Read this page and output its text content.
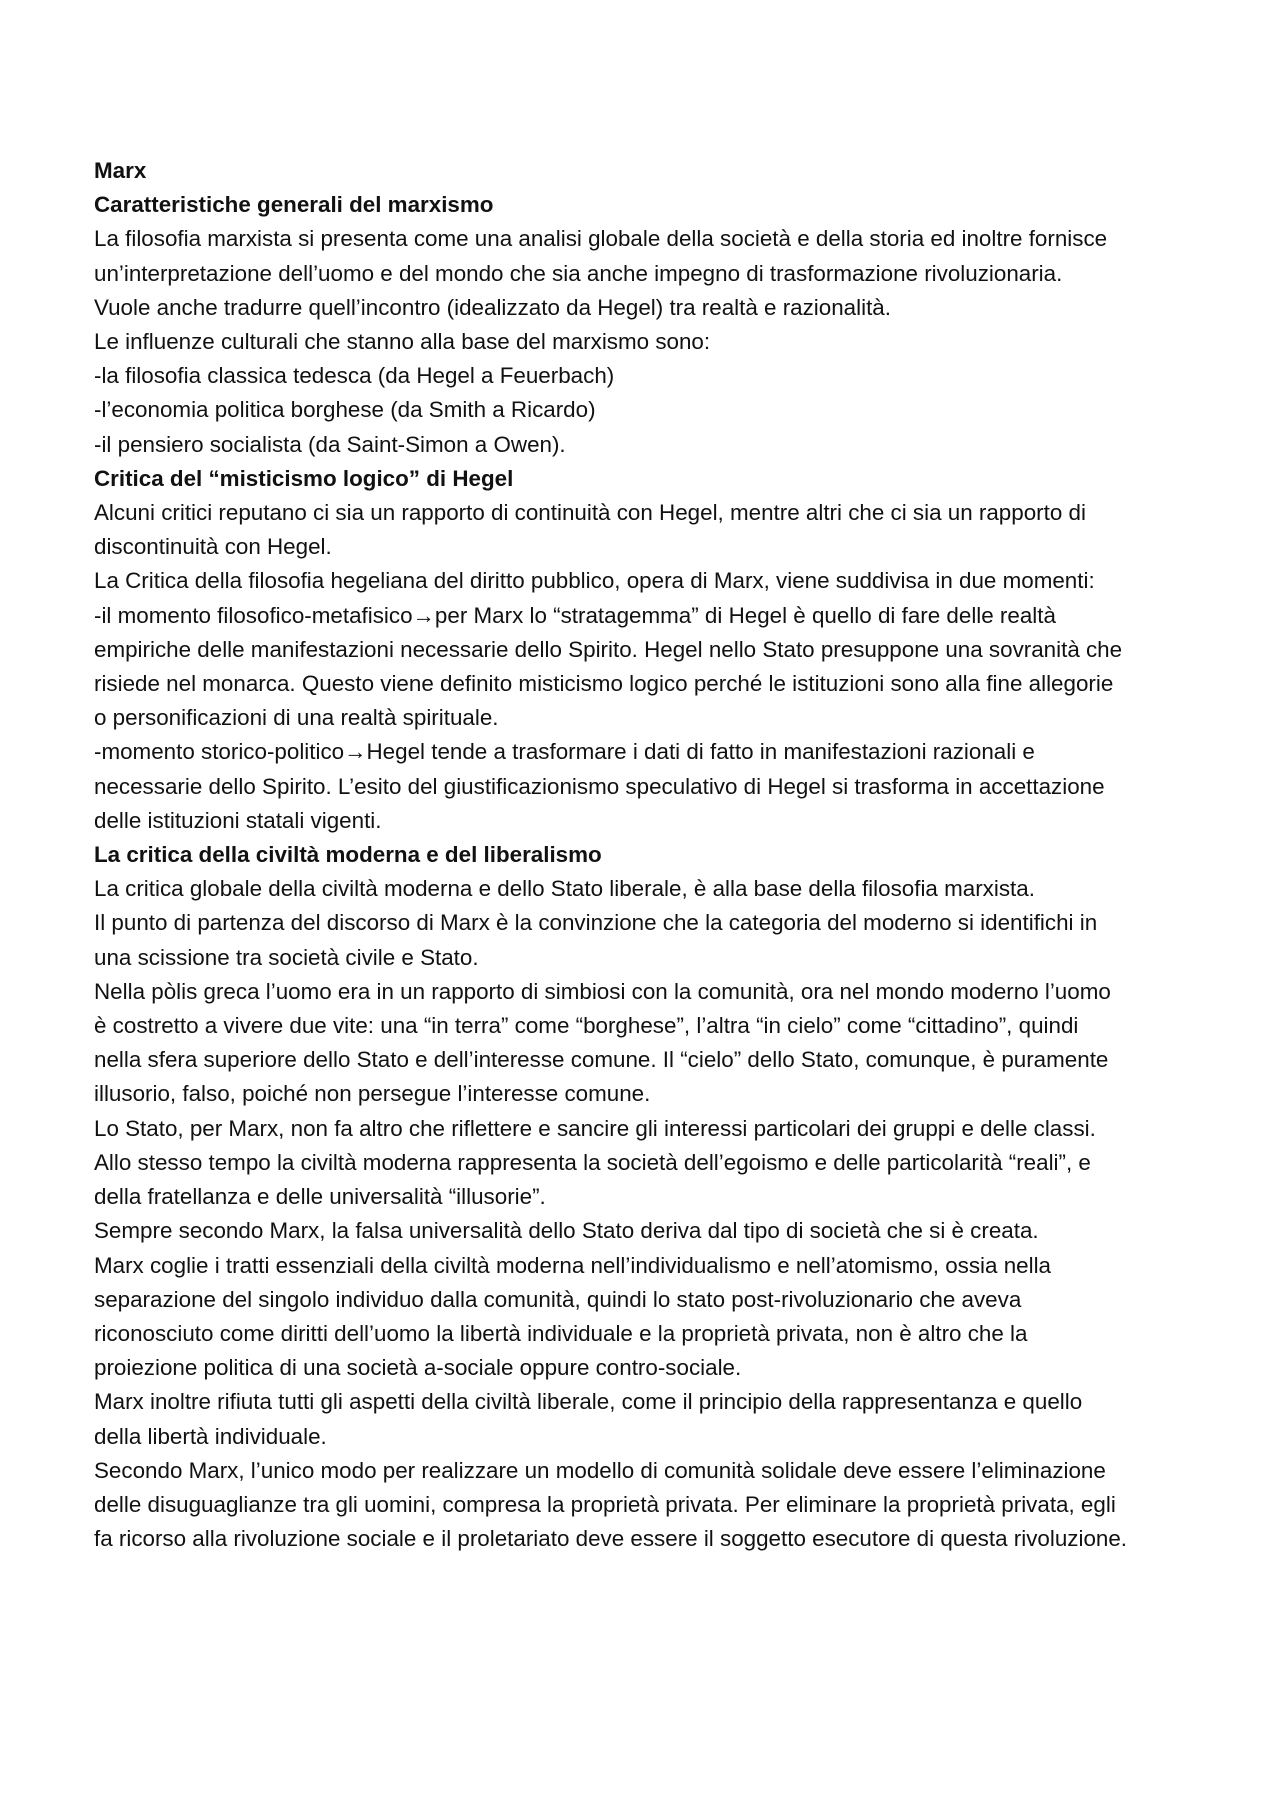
Marx
Caratteristiche generali del marxismo
La filosofia marxista si presenta come una analisi globale della società e della storia ed inoltre fornisce
un’interpretazione dell’uomo e del mondo che sia anche impegno di trasformazione rivoluzionaria.
Vuole anche tradurre quell’incontro (idealizzato da Hegel) tra realtà e razionalità.
Le influenze culturali che stanno alla base del marxismo sono:
-la filosofia classica tedesca (da Hegel a Feuerbach)
-l’economia politica borghese (da Smith a Ricardo)
-il pensiero socialista (da Saint-Simon a Owen).
Critica del “misticismo logico” di Hegel
Alcuni critici reputano ci sia un rapporto di continuità con Hegel, mentre altri che ci sia un rapporto di
discontinuità con Hegel.
La Critica della filosofia hegeliana del diritto pubblico, opera di Marx, viene suddivisa in due momenti:
-il momento filosofico-metafisico→per Marx lo “stratagemma” di Hegel è quello di fare delle realtà
empiriche delle manifestazioni necessarie dello Spirito. Hegel nello Stato presuppone una sovranità che
risiede nel monarca. Questo viene definito misticismo logico perché le istituzioni sono alla fine allegorie
o personificazioni di una realtà spirituale.
-momento storico-politico→Hegel tende a trasformare i dati di fatto in manifestazioni razionali e
necessarie dello Spirito. L’esito del giustificazionismo speculativo di Hegel si trasforma in accettazione
delle istituzioni statali vigenti.
La critica della civiltà moderna e del liberalismo
La critica globale della civiltà moderna e dello Stato liberale, è alla base della filosofia marxista.
Il punto di partenza del discorso di Marx è la convinzione che la categoria del moderno si identifichi in
una scissione tra società civile e Stato.
Nella pòlis greca l’uomo era in un rapporto di simbiosi con la comunità, ora nel mondo moderno l’uomo
è costretto a vivere due vite: una “in terra” come “borghese”, l’altra “in cielo” come “cittadino”, quindi
nella sfera superiore dello Stato e dell’interesse comune. Il “cielo” dello Stato, comunque, è puramente
illusorio, falso, poiché non persegue l’interesse comune.
Lo Stato, per Marx, non fa altro che riflettere e sancire gli interessi particolari dei gruppi e delle classi.
Allo stesso tempo la civiltà moderna rappresenta la società dell’egoismo e delle particolarità “reali”, e
della fratellanza e delle universalità “illusorie”.
Sempre secondo Marx, la falsa universalità dello Stato deriva dal tipo di società che si è creata.
Marx coglie i tratti essenziali della civiltà moderna nell’individualismo e nell’atomismo, ossia nella
separazione del singolo individuo dalla comunità, quindi lo stato post-rivoluzionario che aveva
riconosciuto come diritti dell’uomo la libertà individuale e la proprietà privata, non è altro che la
proiezione politica di una società a-sociale oppure contro-sociale.
Marx inoltre rifiuta tutti gli aspetti della civiltà liberale, come il principio della rappresentanza e quello
della libertà individuale.
Secondo Marx, l’unico modo per realizzare un modello di comunità solidale deve essere l’eliminazione
delle disuguaglianze tra gli uomini, compresa la proprietà privata. Per eliminare la proprietà privata, egli
fa ricorso alla rivoluzione sociale e il proletariato deve essere il soggetto esecutore di questa rivoluzione.
